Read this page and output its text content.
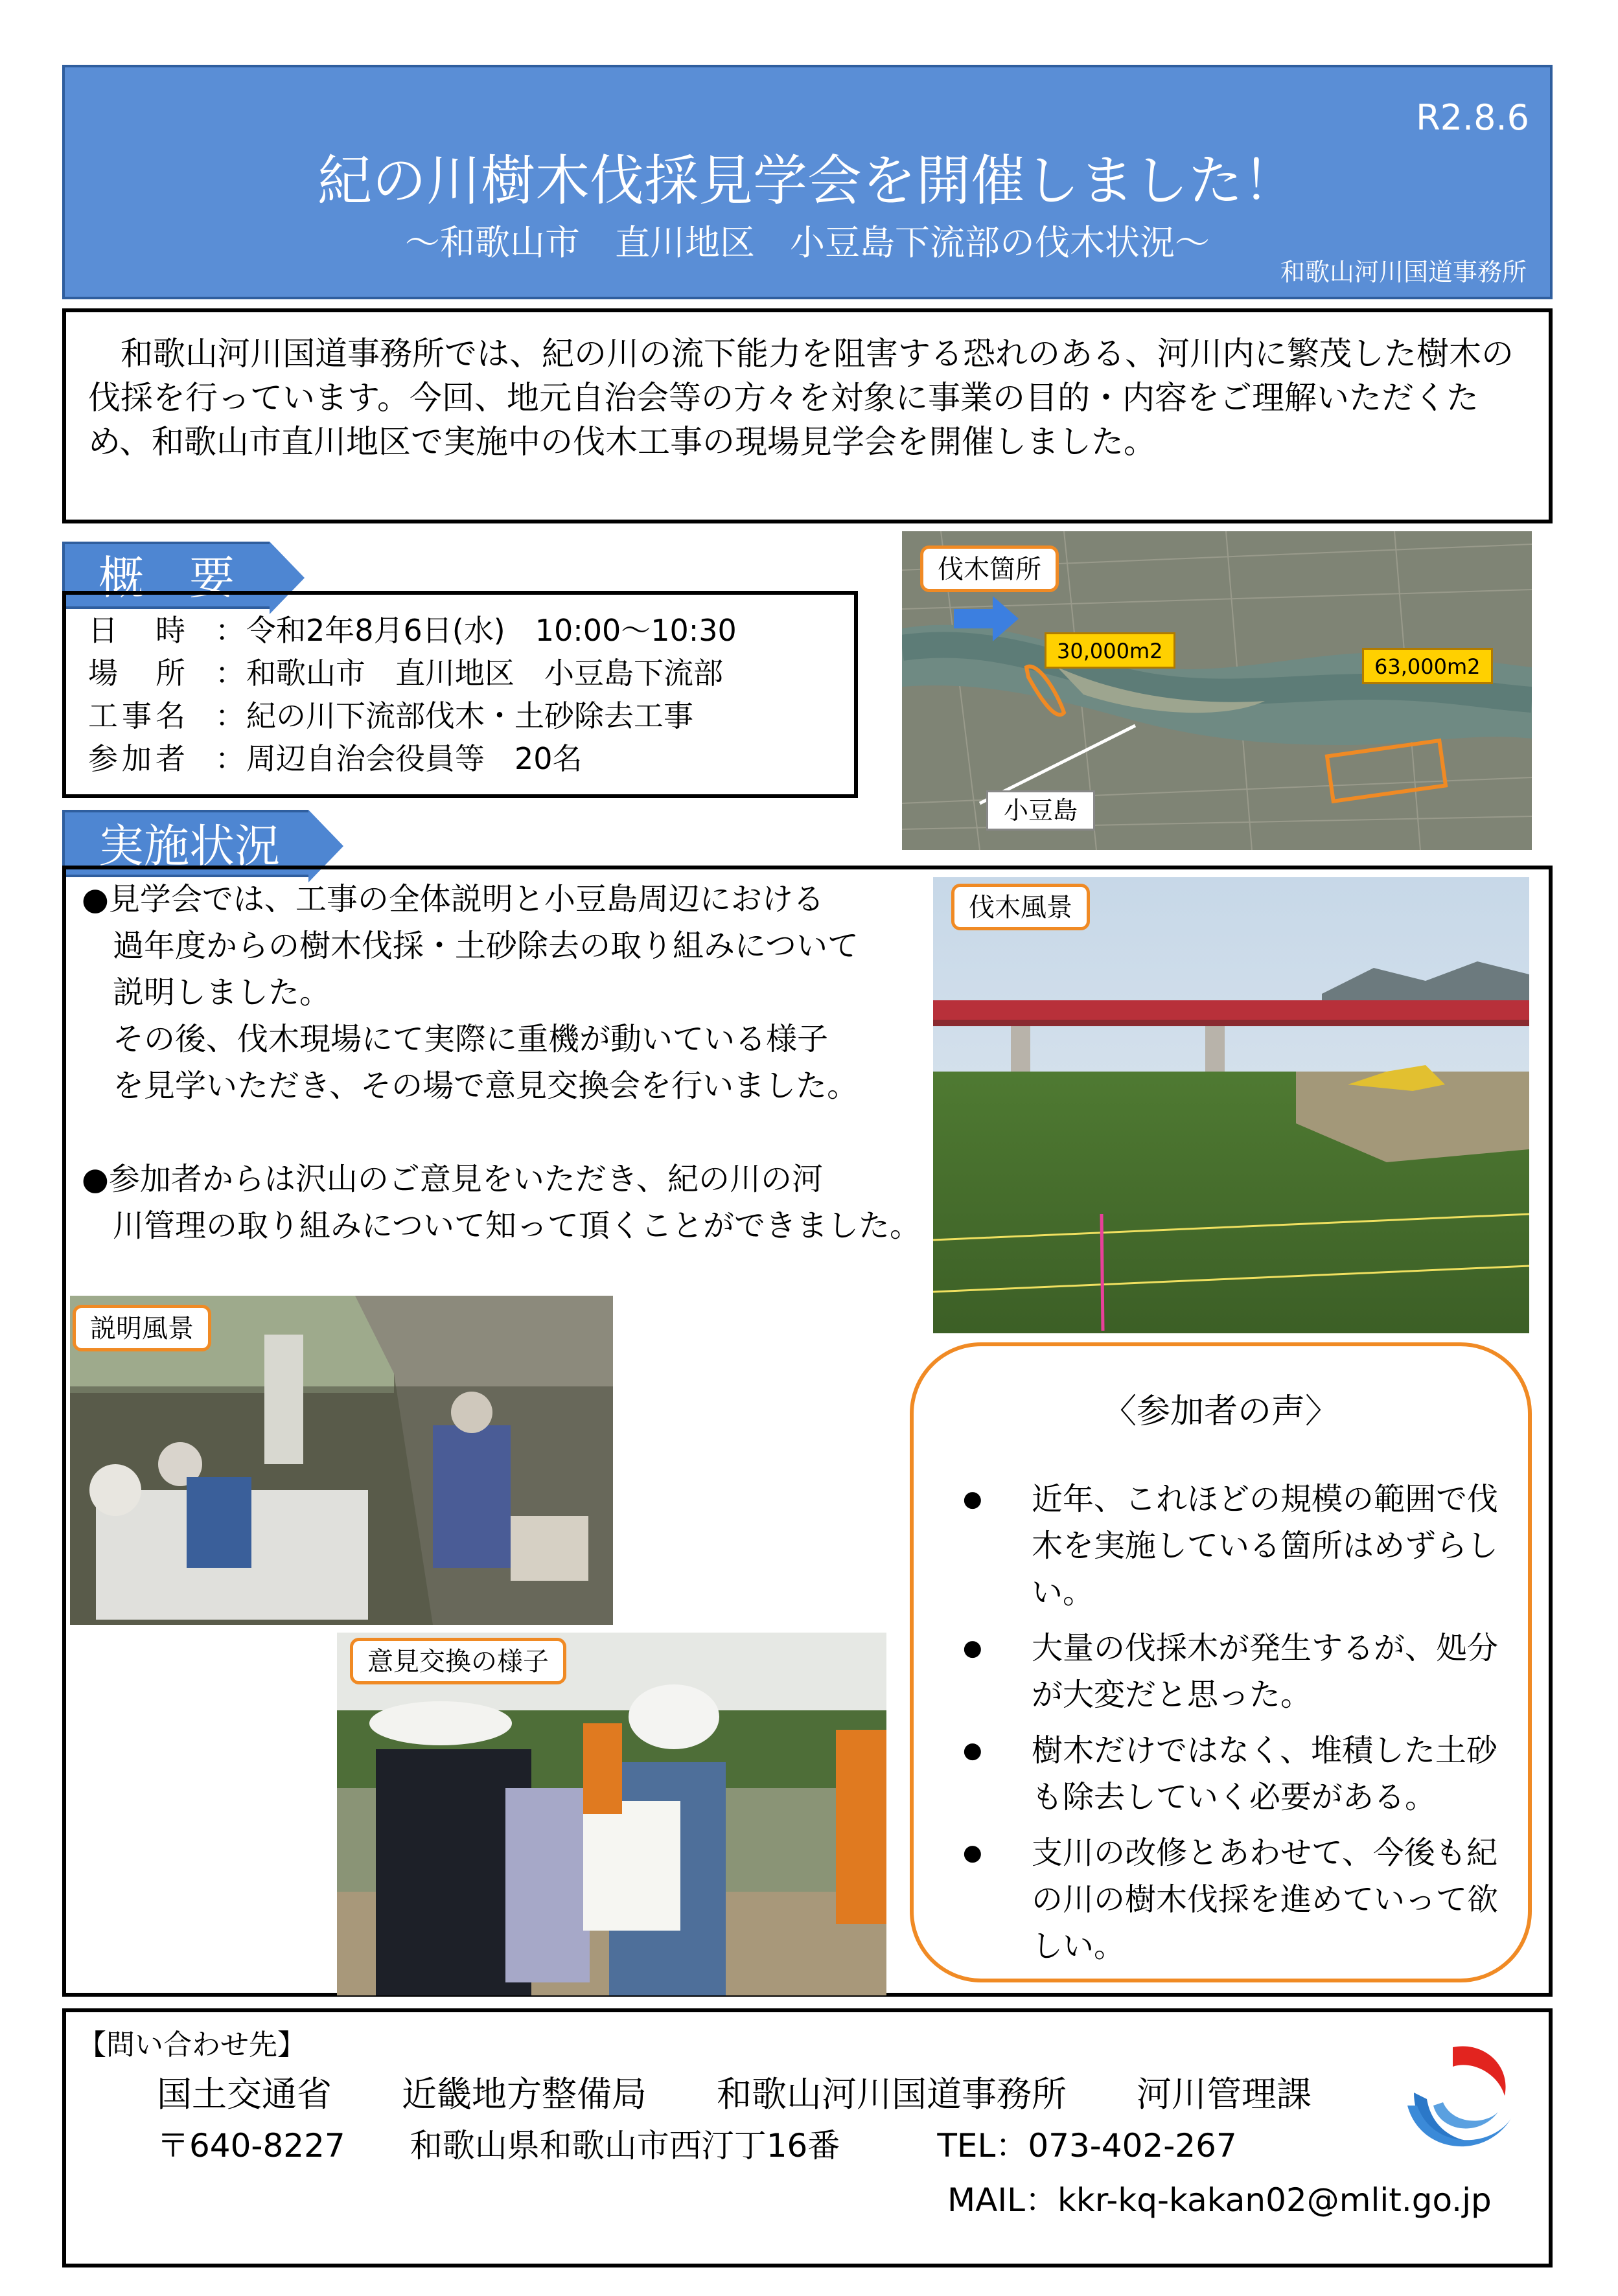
R2.8.6
紀の川樹木伐採見学会を開催しました！
～和歌山市　直川地区　小豆島下流部の伐木状況～
和歌山河川国道事務所
　和歌山河川国道事務所では、紀の川の流下能力を阻害する恐れのある、河川内に繁茂した樹木の伐採を行っています。今回、地元自治会等の方々を対象に事業の目的・内容をご理解いただくため、和歌山市直川地区で実施中の伐木工事の現場見学会を開催しました。
概　要
日　時 ： 令和2年8月6日(水)　10:00～10:30
場　所 ： 和歌山市　直川地区　小豆島下流部
工事名 ： 紀の川下流部伐木・土砂除去工事
参加者 ： 周辺自治会役員等　20名
伐木箇所
30,000m2
63,000m2
小豆島
実施状況

●見学会では、工事の全体説明と小豆島周辺における

　過年度からの樹木伐採・土砂除去の取り組みについて

　説明しました。

　その後、伐木現場にて実際に重機が動いている様子

　を見学いただき、その場で意見交換会を行いました。

●参加者からは沢山のご意見をいただき、紀の川の河

　川管理の取り組みについて知って頂くことができました。

伐木風景
説明風景
意見交換の様子
〈参加者の声〉
● 近年、これほどの規模の範囲で伐木を実施している箇所はめずらしい。
● 大量の伐採木が発生するが、処分が大変だと思った。
● 樹木だけではなく、堆積した土砂も除去していく必要がある。
● 支川の改修とあわせて、今後も紀の川の樹木伐採を進めていって欲しい。
【問い合わせ先】
国土交通省　　近畿地方整備局　　和歌山河川国道事務所　　河川管理課
〒640-8227　　和歌山県和歌山市西汀丁16番　　　TEL：073-402-267
MAIL：kkr-kq-kakan02@mlit.go.jp
